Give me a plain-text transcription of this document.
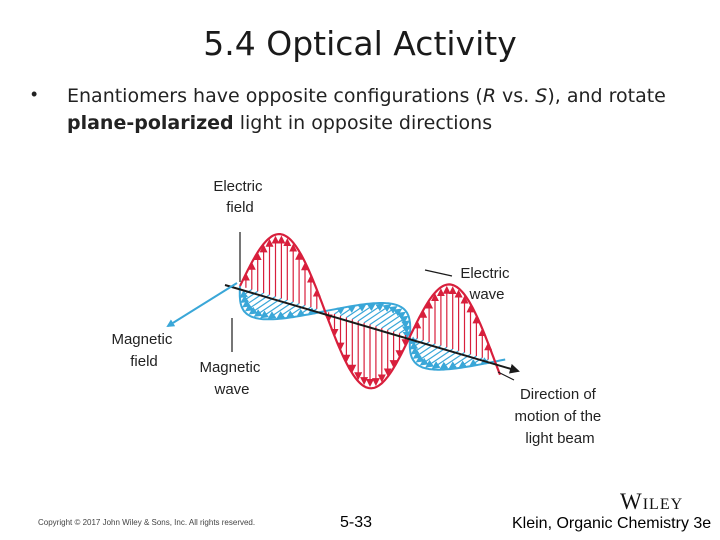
5.4 Optical Activity
• Enantiomers have opposite configurations (R vs. S), and rotate plane-polarized light in opposite directions
Electric field
Electric wave
Magnetic field	Magnetic wave	Direction of motion of the light beam
Copyright © 2017 John Wiley & Sons, Inc. All rights reserved.	5-33
WILEY
Klein, Organic Chemistry 3e
